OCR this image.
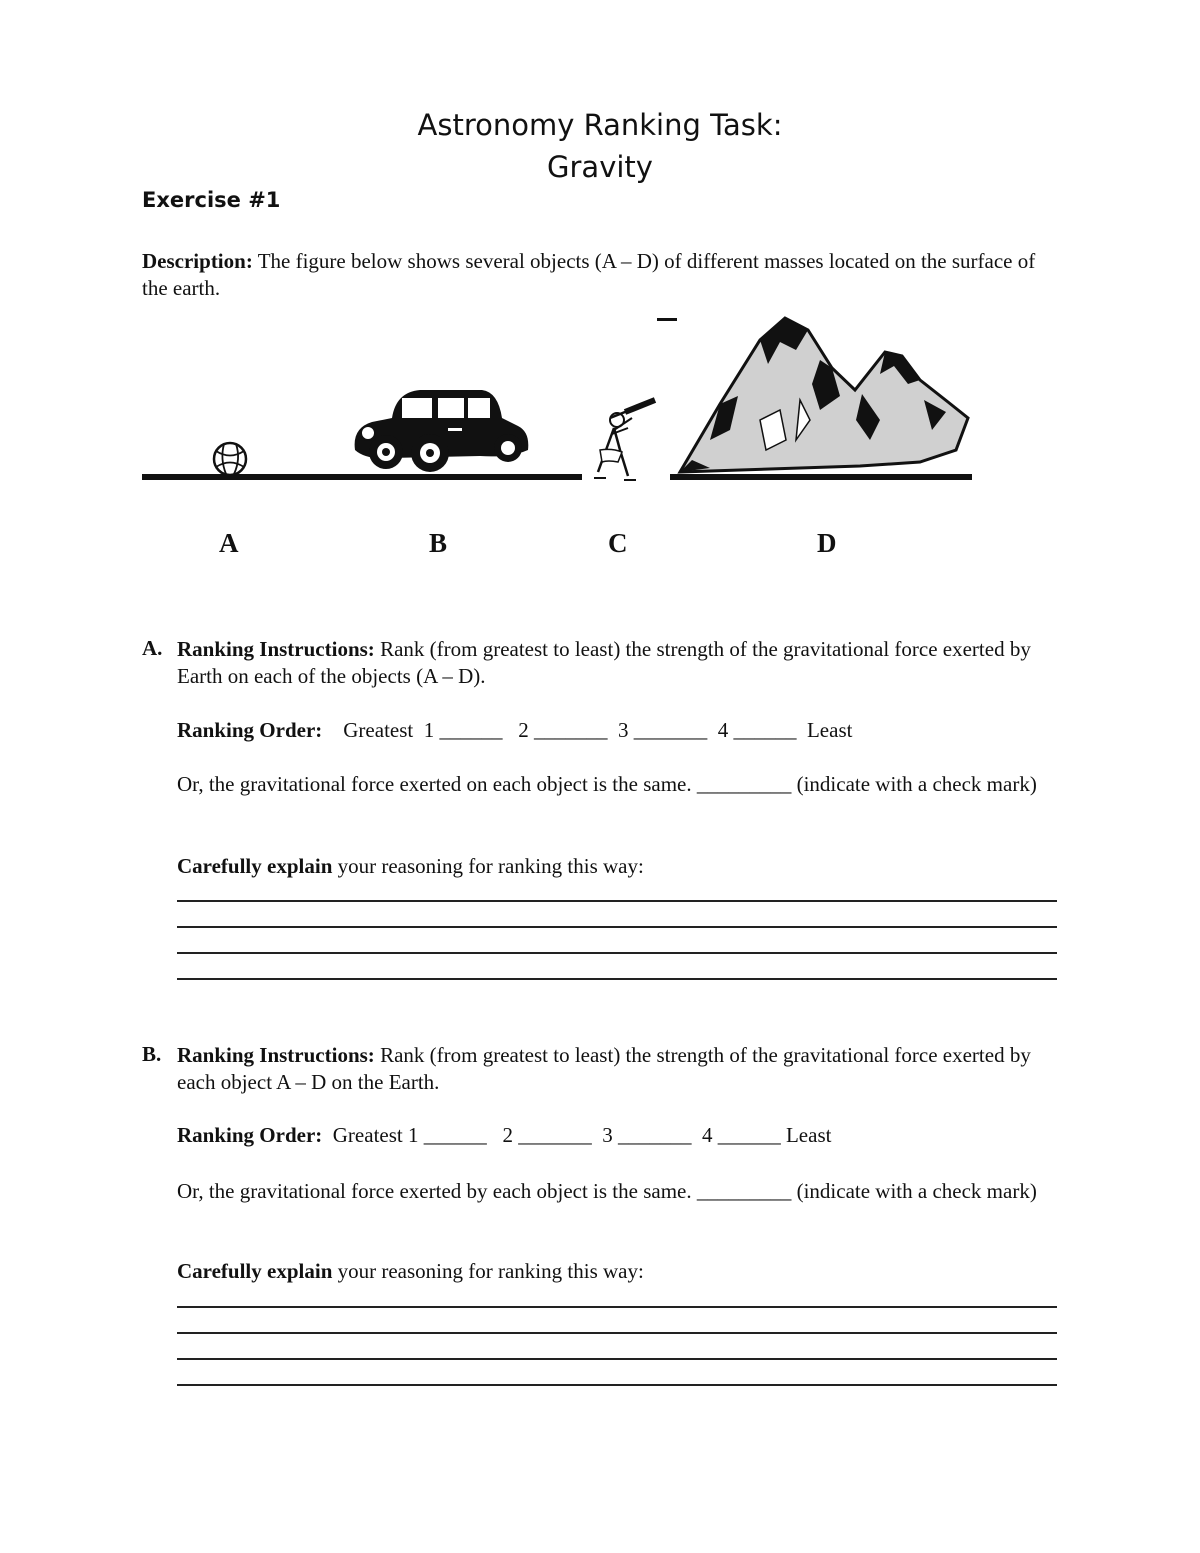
Astronomy Ranking Task:
Gravity
Exercise #1
Description: The figure below shows several objects (A – D) of different masses located on the surface of the earth.
A	B	C	D
A. Ranking Instructions: Rank (from greatest to least) the strength of the gravitational force exerted by Earth on each of the objects (A – D).
Ranking Order: Greatest  1 ______   2 _______  3 _______  4 ______  Least
Or, the gravitational force exerted on each object is the same. _________ (indicate with a check mark)
Carefully explain your reasoning for ranking this way:
B. Ranking Instructions: Rank (from greatest to least) the strength of the gravitational force exerted by each object A – D on the Earth.
Ranking Order: Greatest 1 ______   2 _______  3 _______  4 ______ Least
Or, the gravitational force exerted by each object is the same. _________ (indicate with a check mark)
Carefully explain your reasoning for ranking this way:
